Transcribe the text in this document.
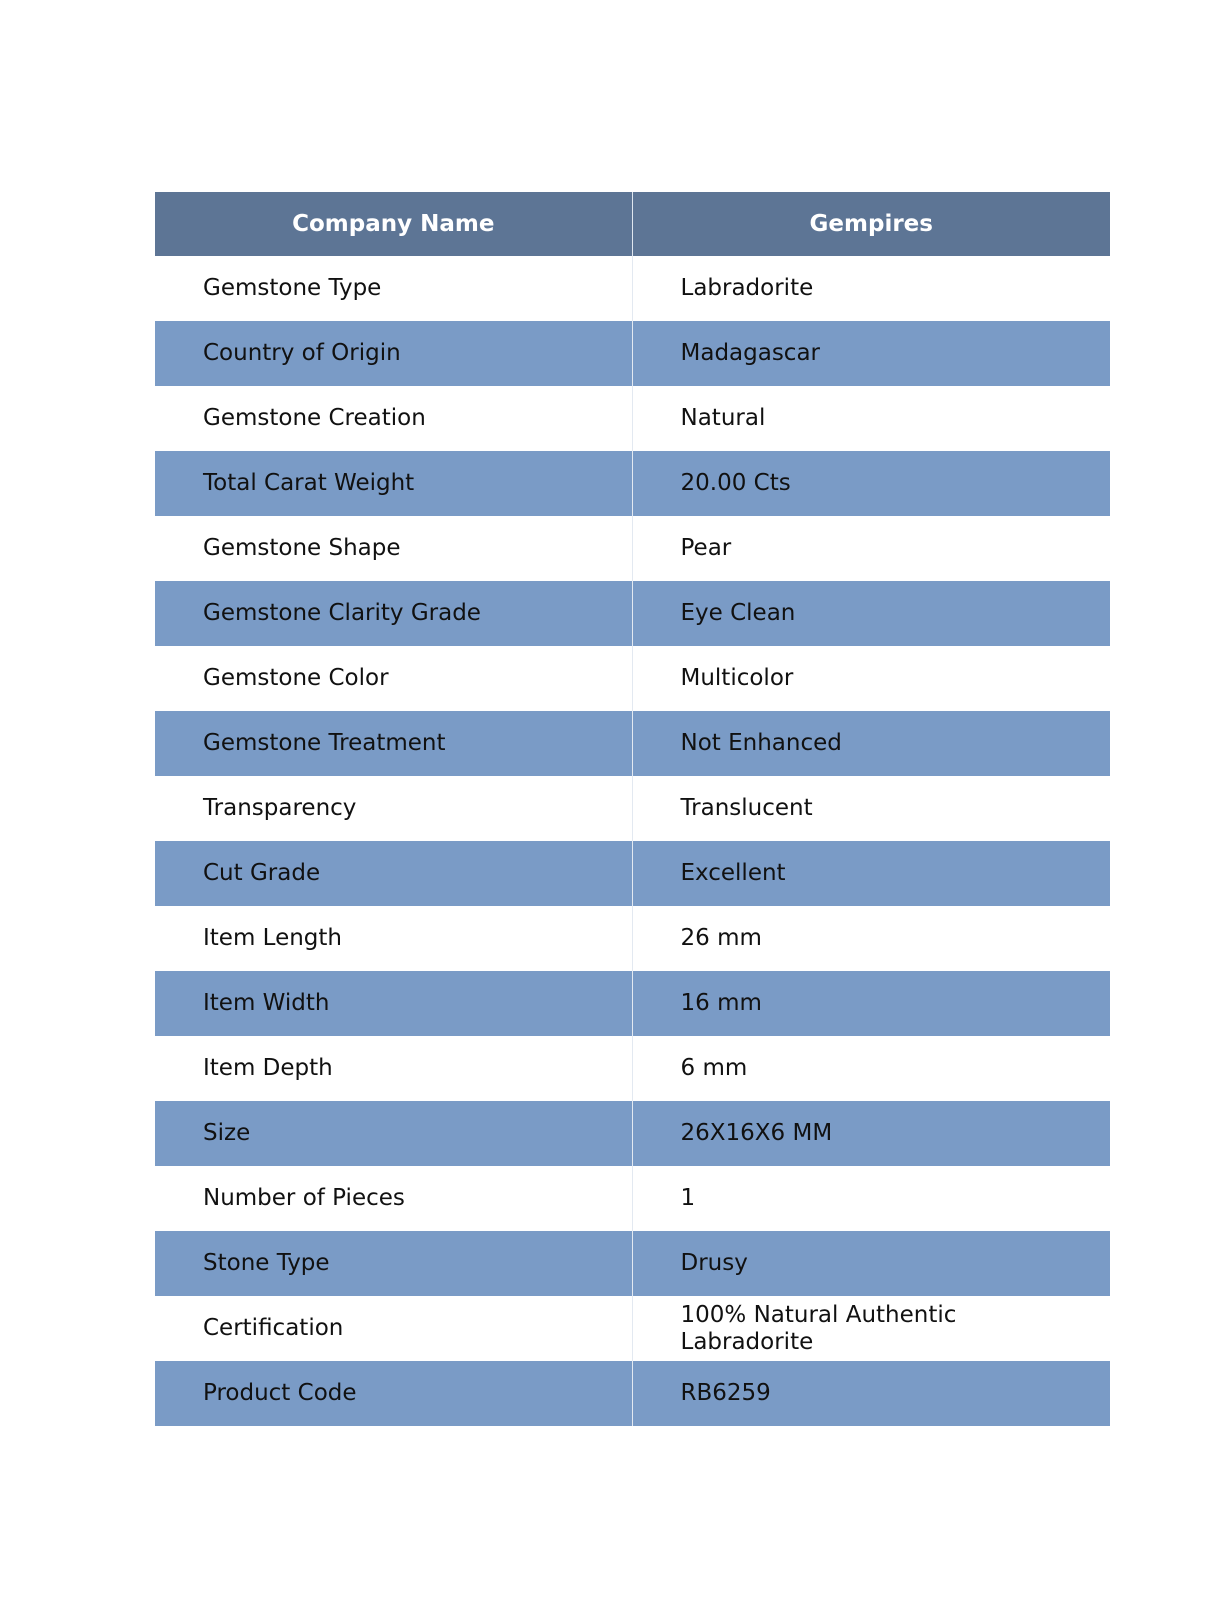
Company Name	Gempires
Gemstone Type	Labradorite
Country of Origin	Madagascar
Gemstone Creation	Natural
Total Carat Weight	20.00 Cts
Gemstone Shape	Pear
Gemstone Clarity Grade	Eye Clean
Gemstone Color	Multicolor
Gemstone Treatment	Not Enhanced
Transparency	Translucent
Cut Grade	Excellent
Item Length	26 mm
Item Width	16 mm
Item Depth	6 mm
Size	26X16X6 MM
Number of Pieces	1
Stone Type	Drusy
Certification	100% Natural Authentic Labradorite
Product Code	RB6259
